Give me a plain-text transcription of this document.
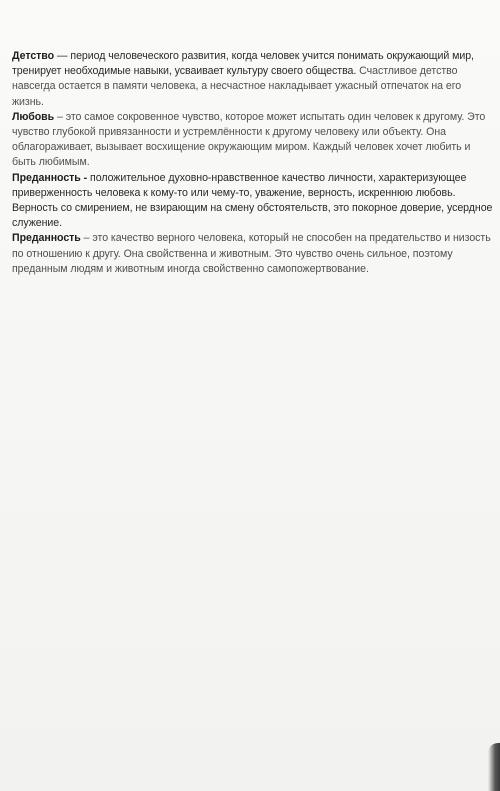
Детство — период человеческого развития, когда человек учится понимать окружающий мир, тренирует необходимые навыки, усваивает культуру своего общества. Счастливое детство навсегда остается в памяти человека, а несчастное накладывает ужасный отпечаток на его жизнь.

Любовь – это самое сокровенное чувство, которое может испытать один человек к другому. Это чувство глубокой привязанности и устремлённости к другому человеку или объекту. Она облагораживает, вызывает восхищение окружающим миром. Каждый человек хочет любить и быть любимым.

Преданность - положительное духовно-нравственное качество личности, характеризующее приверженность человека к кому-то или чему-то, уважение, верность, искреннюю любовь. Верность со смирением, не взирающим на смену обстоятельств, это покорное доверие, усердное служение.

Преданность – это качество верного человека, который не способен на предательство и низость по отношению к другу. Она свойственна и животным. Это чувство очень сильное, поэтому преданным людям и животным иногда свойственно самопожертвование.
